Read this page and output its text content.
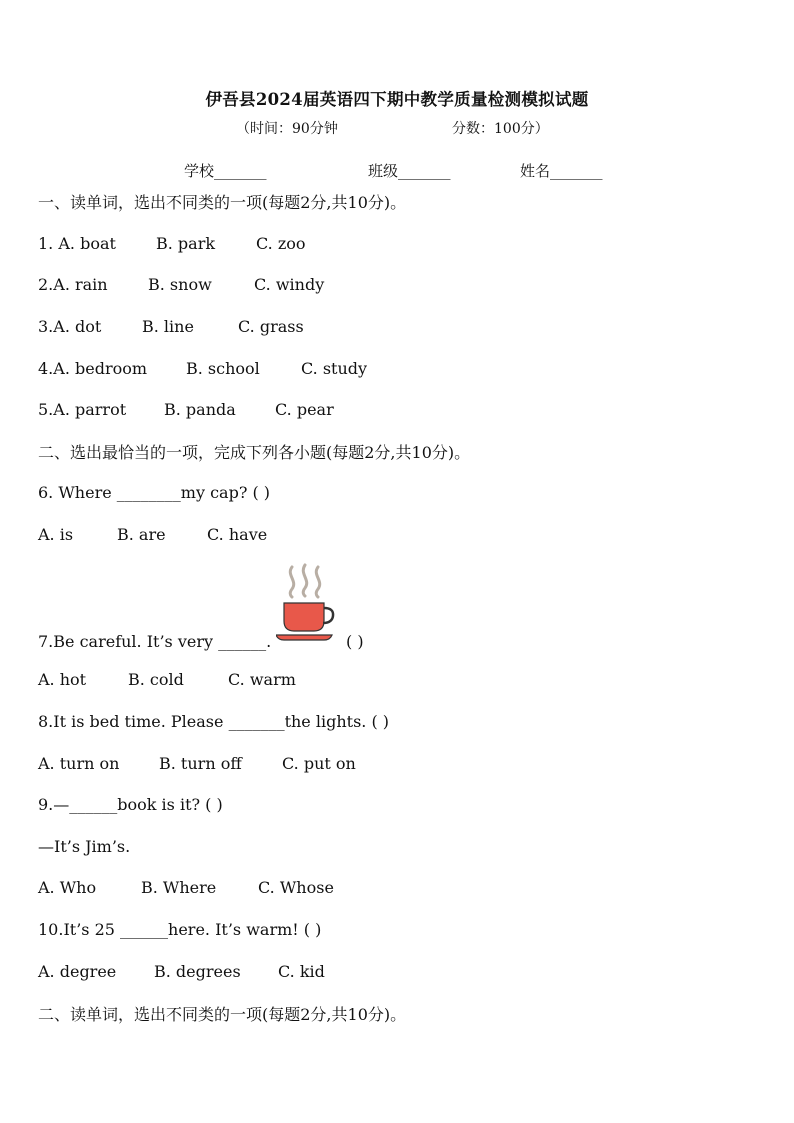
伊吾县2024届英语四下期中教学质量检测模拟试题
（时间：90分钟	分数：100分）
学校_______	班级_______	姓名_______
一、读单词，选出不同类的一项(每题2分,共10分)。
1. A. boat	B. park	C. zoo
2.A. rain	B. snow	C. windy
3.A. dot	B. line	C. grass
4.A. bedroom B. school	C. study
5.A. parrot B. panda C. pear
二、选出最恰当的一项，完成下列各小题(每题2分,共10分)。
6. Where ________my cap? ( )
A. is	B. are	C. have
7.Be careful. It’s very ______.	( )
A. hot	B. cold	C. warm
8.It is bed time. Please _______the lights. ( )
A. turn on B. turn off	C. put on
9.—______book is it? ( )
—It’s Jim’s.
A. Who	B. Where	C. Whose
10.It’s 25 ______here. It’s warm! ( )
A. degree B. degrees C. kid
二、读单词，选出不同类的一项(每题2分,共10分)。
